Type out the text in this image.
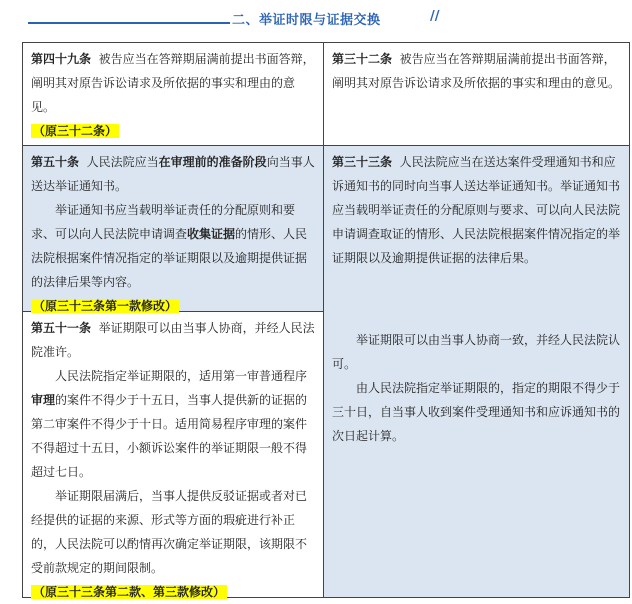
二、举证时限与证据交换	//

第四十九条 被告应当在答辩期届满前提出书面答辩，阐明其对原告诉讼请求及所依据的事实和理由的意见。

（原三十二条）

第三十二条 被告应当在答辩期届满前提出书面答辩，阐明其对原告诉讼请求及所依据的事实和理由的意见。

第五十条 人民法院应当在审理前的准备阶段向当事人送达举证通知书。

举证通知书应当载明举证责任的分配原则和要求、可以向人民法院申请调查收集证据的情形、人民法院根据案件情况指定的举证期限以及逾期提供证据的法律后果等内容。

（原三十三条第一款修改）

第三十三条 人民法院应当在送达案件受理通知书和应诉通知书的同时向当事人送达举证通知书。举证通知书应当载明举证责任的分配原则与要求、可以向人民法院申请调查取证的情形、人民法院根据案件情况指定的举证期限以及逾期提供证据的法律后果。

举证期限可以由当事人协商一致，并经人民法院认可。

由人民法院指定举证期限的，指定的期限不得少于三十日，自当事人收到案件受理通知书和应诉通知书的次日起计算。

第五十一条 举证期限可以由当事人协商，并经人民法院准许。

人民法院指定举证期限的，适用第一审普通程序审理的案件不得少于十五日，当事人提供新的证据的第二审案件不得少于十日。适用简易程序审理的案件不得超过十五日，小额诉讼案件的举证期限一般不得超过七日。

举证期限届满后，当事人提供反驳证据或者对已经提供的证据的来源、形式等方面的瑕疵进行补正的，人民法院可以酌情再次确定举证期限，该期限不受前款规定的期间限制。

（原三十三条第二款、第三款修改）
